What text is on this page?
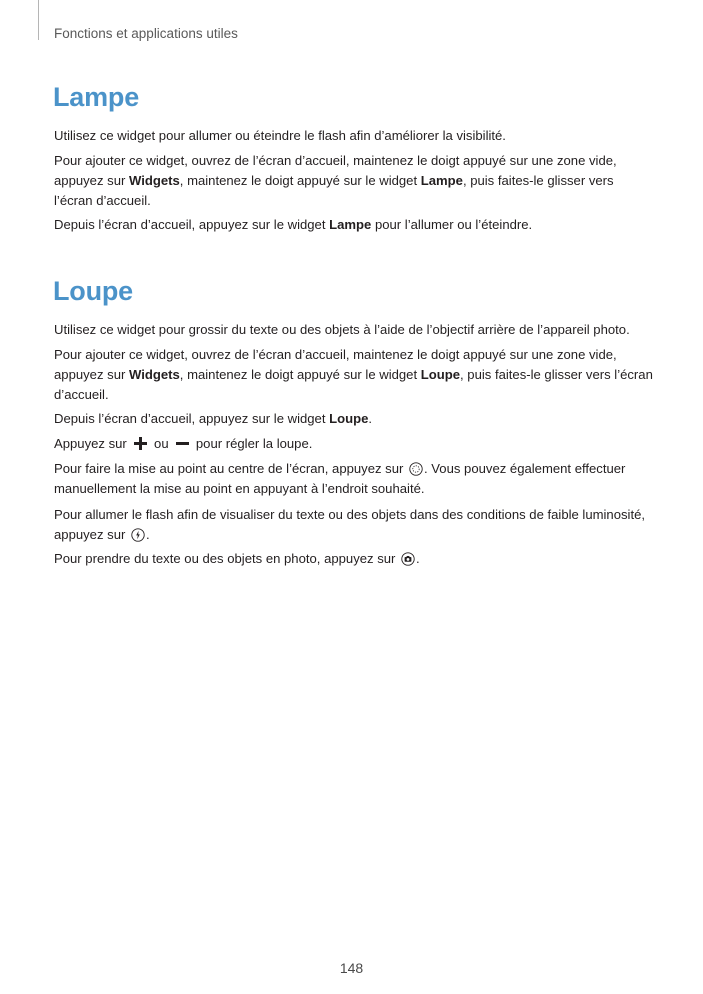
Fonctions et applications utiles
Lampe

Utilisez ce widget pour allumer ou éteindre le flash afin d’améliorer la visibilité.

Pour ajouter ce widget, ouvrez de l’écran d’accueil, maintenez le doigt appuyé sur une zone vide, appuyez sur Widgets, maintenez le doigt appuyé sur le widget Lampe, puis faites-le glisser vers l’écran d’accueil.

Depuis l’écran d’accueil, appuyez sur le widget Lampe pour l’allumer ou l’éteindre.

Loupe

Utilisez ce widget pour grossir du texte ou des objets à l’aide de l’objectif arrière de l’appareil photo.

Pour ajouter ce widget, ouvrez de l’écran d’accueil, maintenez le doigt appuyé sur une zone vide, appuyez sur Widgets, maintenez le doigt appuyé sur le widget Loupe, puis faites-le glisser vers l’écran d’accueil.

Depuis l’écran d’accueil, appuyez sur le widget Loupe.

Appuyez sur  ou  pour régler la loupe.

Pour faire la mise au point au centre de l’écran, appuyez sur . Vous pouvez également effectuer manuellement la mise au point en appuyant à l’endroit souhaité.

Pour allumer le flash afin de visualiser du texte ou des objets dans des conditions de faible luminosité, appuyez sur .

Pour prendre du texte ou des objets en photo, appuyez sur .

148
